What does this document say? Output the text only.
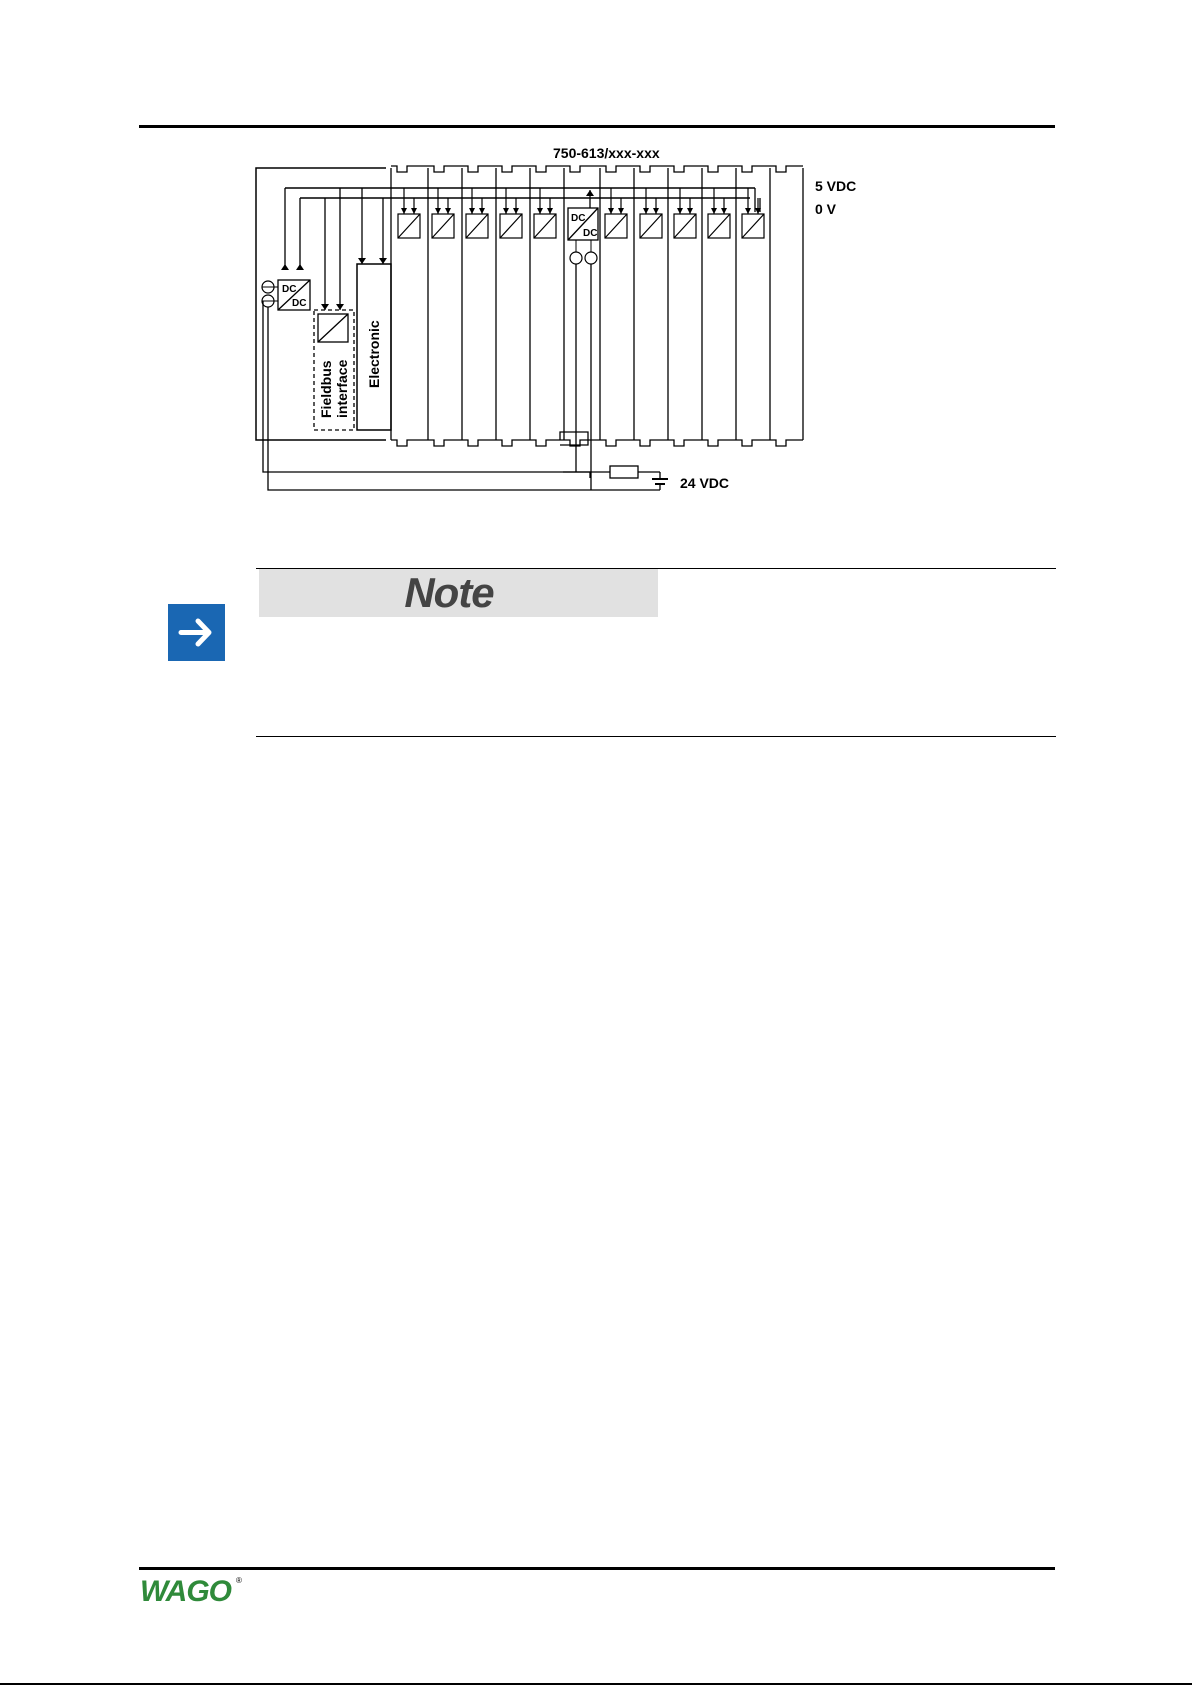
DC
DC
Fieldbus interface
Electronic
DC
DC
750-613/xxx-xxx
5 VDC
0 V
24 VDC
Note
WAGO ®
